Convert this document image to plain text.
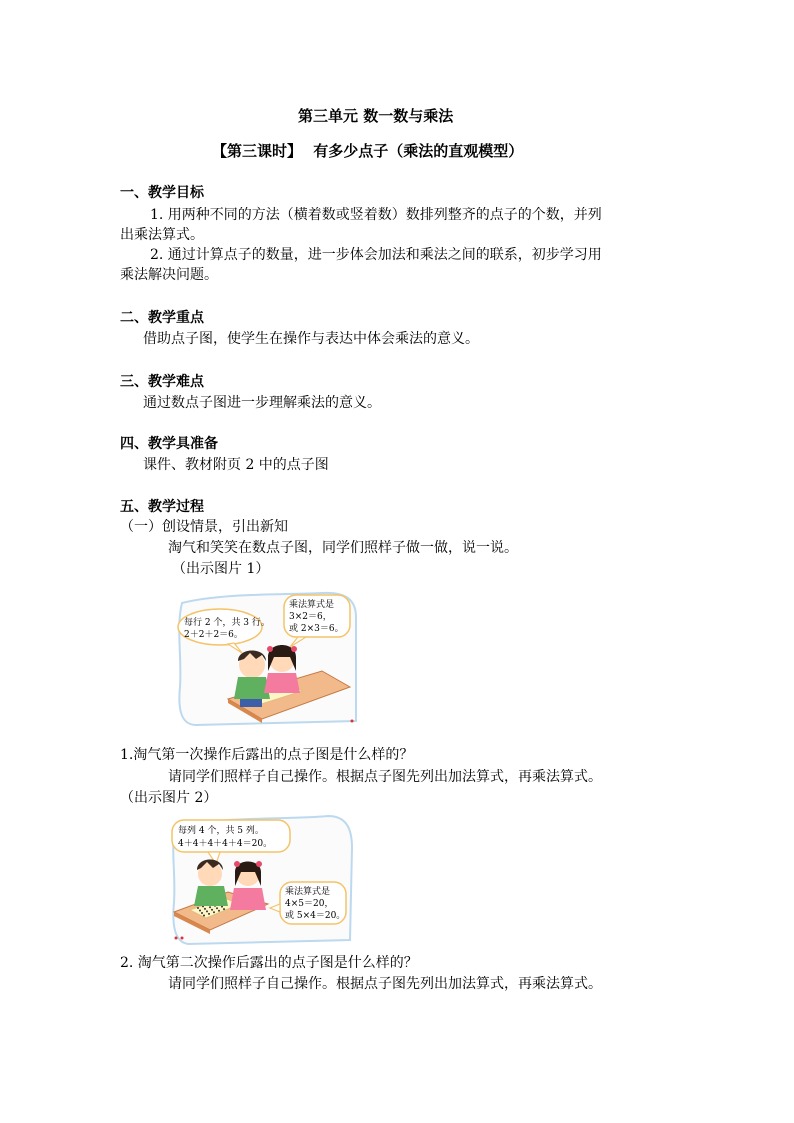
第三单元 数一数与乘法
【第三课时】 有多少点子（乘法的直观模型）
一、教学目标
1. 用两种不同的方法（横着数或竖着数）数排列整齐的点子的个数，并列
出乘法算式。
2. 通过计算点子的数量，进一步体会加法和乘法之间的联系，初步学习用
乘法解决问题。
二、教学重点
借助点子图，使学生在操作与表达中体会乘法的意义。
三、教学难点
通过数点子图进一步理解乘法的意义。
四、教学具准备
课件、教材附页 2 中的点子图
五、教学过程
（一）创设情景，引出新知
淘气和笑笑在数点子图，同学们照样子做一做，说一说。
（出示图片 1）
每行 2 个，共 3 行。
2＋2＋2＝6。
乘法算式是
3×2＝6，
或 2×3＝6。
1.淘气第一次操作后露出的点子图是什么样的？
请同学们照样子自己操作。根据点子图先列出加法算式，再乘法算式。
（出示图片 2）
每列 4 个，共 5 列。
4＋4＋4＋4＋4＝20。
乘法算式是
4×5＝20，
或 5×4＝20。
2. 淘气第二次操作后露出的点子图是什么样的？
请同学们照样子自己操作。根据点子图先列出加法算式，再乘法算式。
